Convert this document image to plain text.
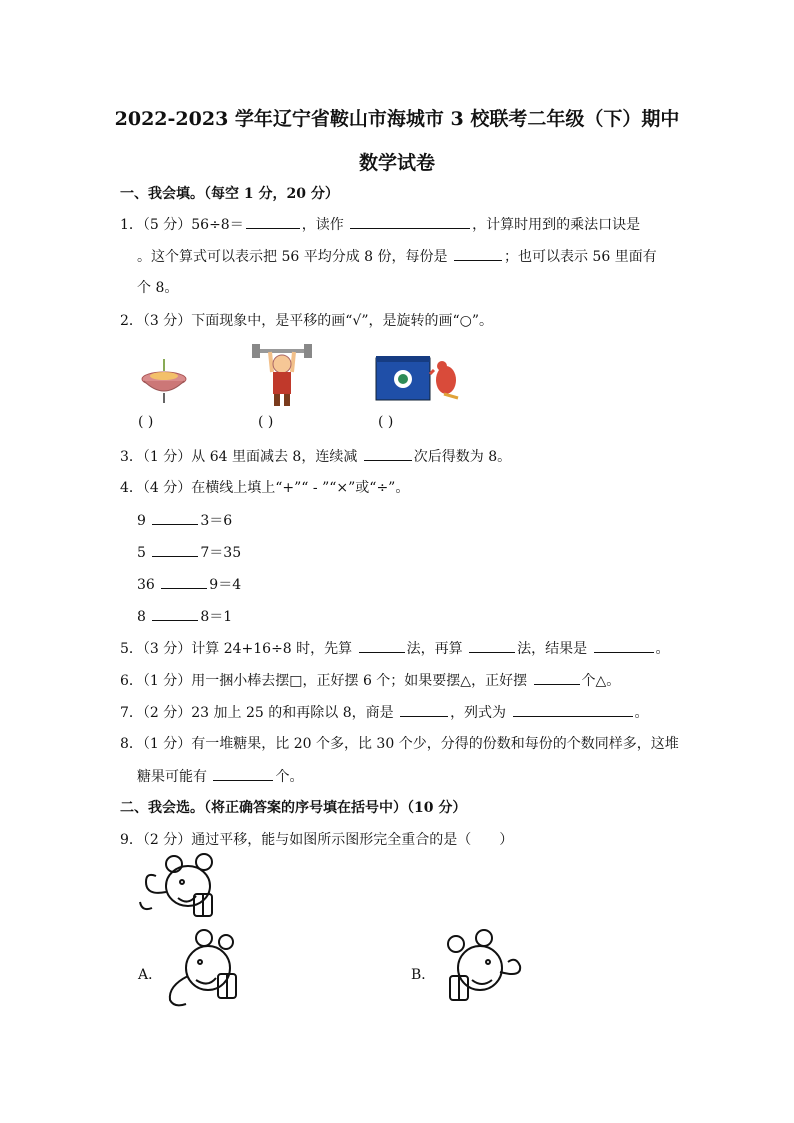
2022-2023 学年辽宁省鞍山市海城市 3 校联考二年级（下）期中
数学试卷
一、我会填。（每空 1 分，20 分）
1．（5 分）56÷8＝	，读作	，计算时用到的乘法口诀是
。这个算式可以表示把 56 平均分成 8 份，每份是	；也可以表示 56 里面有
个 8。
2．（3 分）下面现象中，是平移的画“√”，是旋转的画“○”。
( )	( )	( )
3．（1 分）从 64 里面减去 8，连续减	次后得数为 8。
4．（4 分）在横线上填上“+”“ - ”“×”或“÷”。
9	3＝6
5	7＝35
36	9＝4
8	8＝1
5．（3 分）计算 24+16÷8 时，先算	法，再算	法，结果是	。
6．（1 分）用一捆小棒去摆□，正好摆 6 个；如果要摆△，正好摆	个△。
7．（2 分）23 加上 25 的和再除以 8，商是	，列式为	。
8．（1 分）有一堆糖果，比 20 个多，比 30 个少，分得的份数和每份的个数同样多，这堆
糖果可能有	个。
二、我会选。（将正确答案的序号填在括号中）（10 分）
9．（2 分）通过平移，能与如图所示图形完全重合的是（　　）
A．	B．
